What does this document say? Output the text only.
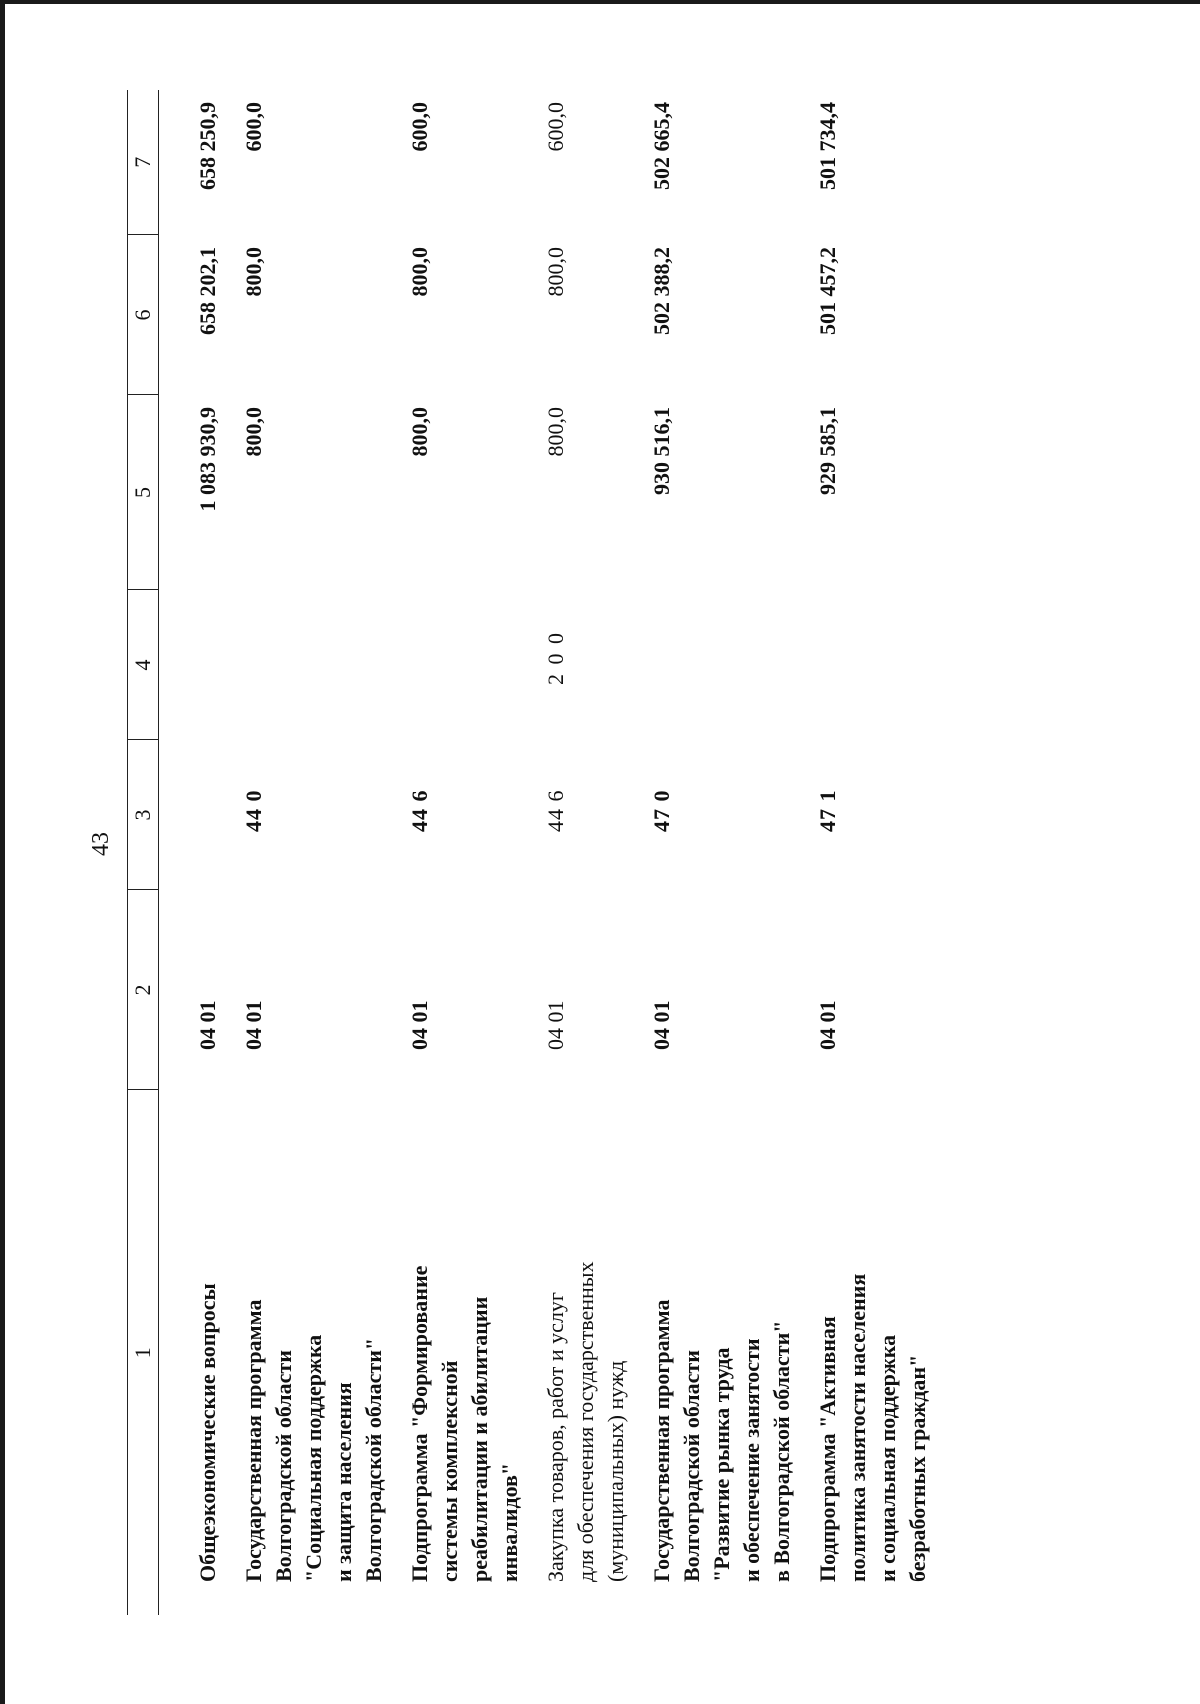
43
1	2	3	4	5	6	7
Общеэкономические вопросы	04 01			1 083 930,9	658 202,1	658 250,9
Государственная программа
Волгоградской области
"Социальная поддержка
и защита населения
Волгоградской области"	04 01	44 0		800,0	800,0	600,0
Подпрограмма "Формирование
системы комплексной
реабилитации и абилитации
инвалидов"	04 01	44 6		800,0	800,0	600,0
Закупка товаров, работ и услуг
для обеспечения государственных
(муниципальных) нужд	04 01	44 6	2 0 0	800,0	800,0	600,0
Государственная программа
Волгоградской области
"Развитие рынка труда
и обеспечение занятости
в Волгоградской области"	04 01	47 0		930 516,1	502 388,2	502 665,4
Подпрограмма "Активная
политика занятости населения
и социальная поддержка
безработных граждан"	04 01	47 1		929 585,1	501 457,2	501 734,4
